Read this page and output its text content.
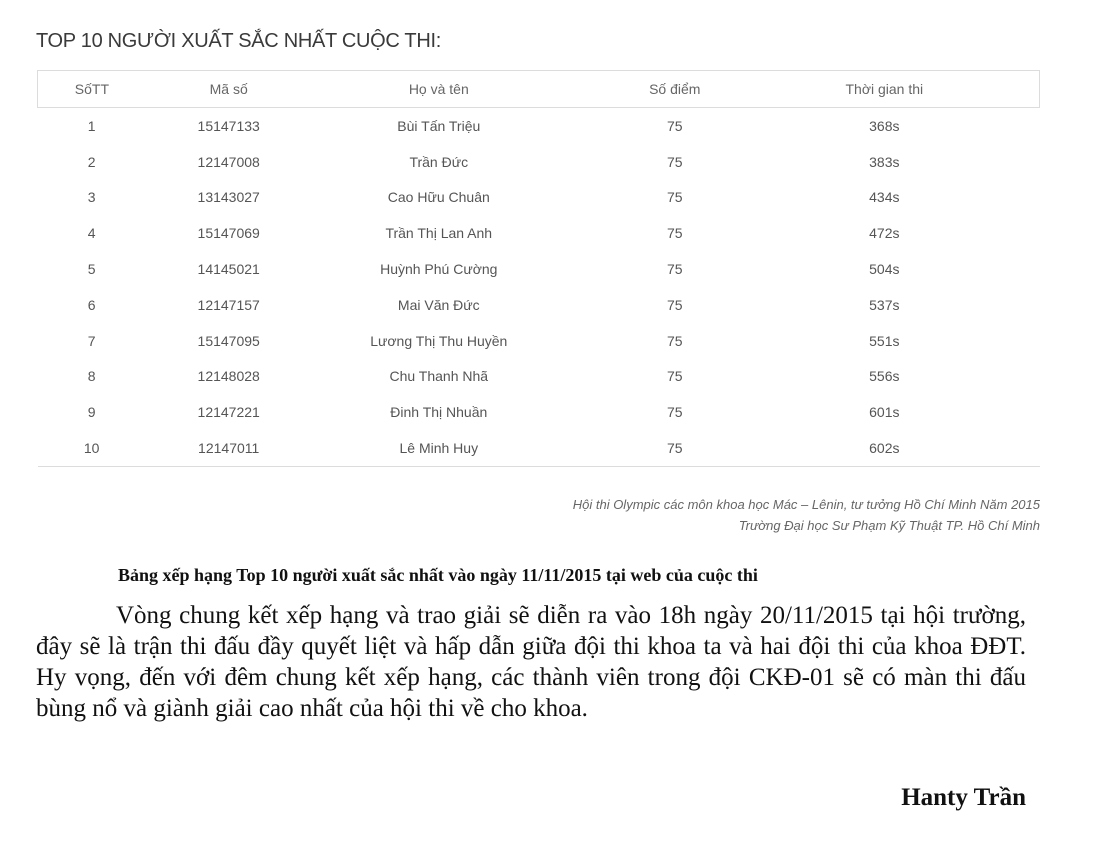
TOP 10 NGƯỜI XUẤT SẮC NHẤT CUỘC THI:
SốTT	Mã số	Họ và tên	Số điểm	Thời gian thi	
1	15147133	Bùi Tấn Triệu	75	368s	
2	12147008	Trần Đức	75	383s	
3	13143027	Cao Hữu Chuân	75	434s	
4	15147069	Trần Thị Lan Anh	75	472s	
5	14145021	Huỳnh Phú Cường	75	504s	
6	12147157	Mai Văn Đức	75	537s	
7	15147095	Lương Thị Thu Huyền	75	551s	
8	12148028	Chu Thanh Nhã	75	556s	
9	12147221	Đinh Thị Nhuần	75	601s	
10	12147011	Lê Minh Huy	75	602s	
Hội thi Olympic các môn khoa học Mác – Lênin, tư tưởng Hồ Chí Minh Năm 2015
Trường Đại học Sư Phạm Kỹ Thuật TP. Hồ Chí Minh
Bảng xếp hạng Top 10 người xuất sắc nhất vào ngày 11/11/2015 tại web của cuộc thi
Vòng chung kết xếp hạng và trao giải sẽ diễn ra vào 18h ngày 20/11/2015 tại hội trường, đây sẽ là trận thi đấu đầy quyết liệt và hấp dẫn giữa đội thi khoa ta và hai đội thi của khoa ĐĐT. Hy vọng, đến với đêm chung kết xếp hạng, các thành viên trong đội CKĐ-01 sẽ có màn thi đấu bùng nổ và giành giải cao nhất của hội thi về cho khoa.
Hanty Trần
